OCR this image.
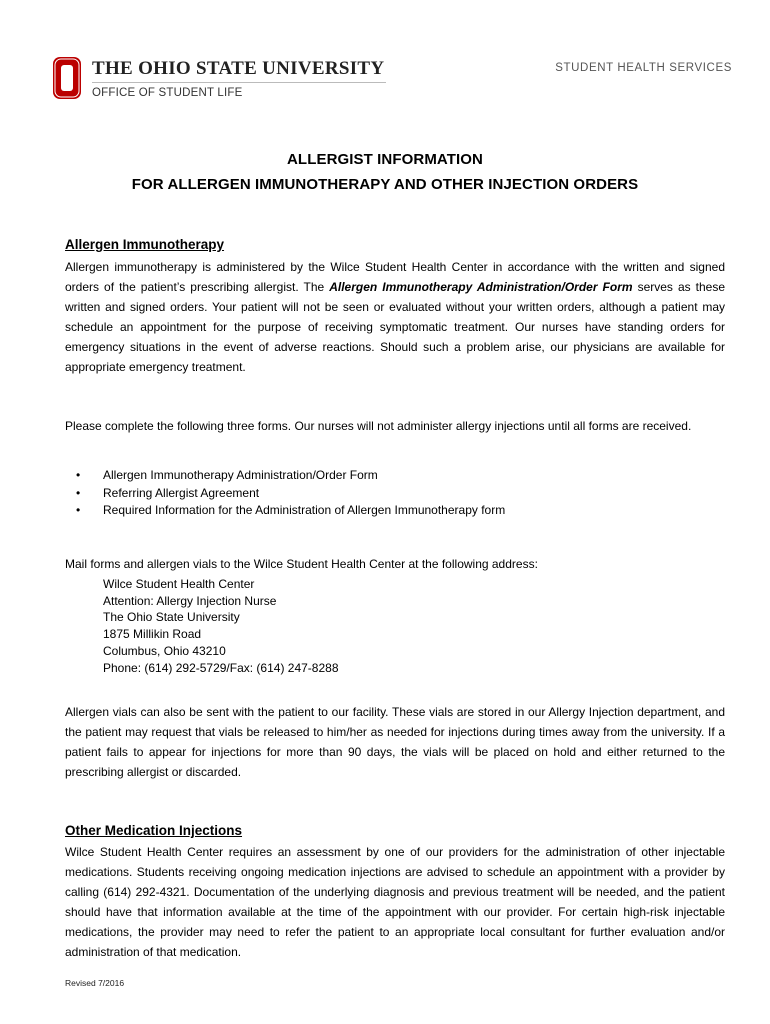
THE OHIO STATE UNIVERSITY
OFFICE OF STUDENT LIFE
STUDENT HEALTH SERVICES
ALLERGIST INFORMATION
FOR ALLERGEN IMMUNOTHERAPY AND OTHER INJECTION ORDERS
Allergen Immunotherapy
Allergen immunotherapy is administered by the Wilce Student Health Center in accordance with the written and signed orders of the patient’s prescribing allergist. The Allergen Immunotherapy Administration/Order Form serves as these written and signed orders. Your patient will not be seen or evaluated without your written orders, although a patient may schedule an appointment for the purpose of receiving symptomatic treatment. Our nurses have standing orders for emergency situations in the event of adverse reactions. Should such a problem arise, our physicians are available for appropriate emergency treatment.
Please complete the following three forms. Our nurses will not administer allergy injections until all forms are received.
• Allergen Immunotherapy Administration/Order Form
• Referring Allergist Agreement
• Required Information for the Administration of Allergen Immunotherapy form
Mail forms and allergen vials to the Wilce Student Health Center at the following address:
Wilce Student Health Center
Attention: Allergy Injection Nurse
The Ohio State University
1875 Millikin Road
Columbus, Ohio 43210
Phone: (614) 292-5729/Fax: (614) 247-8288
Allergen vials can also be sent with the patient to our facility. These vials are stored in our Allergy Injection department, and the patient may request that vials be released to him/her as needed for injections during times away from the university. If a patient fails to appear for injections for more than 90 days, the vials will be placed on hold and either returned to the prescribing allergist or discarded.
Other Medication Injections
Wilce Student Health Center requires an assessment by one of our providers for the administration of other injectable medications. Students receiving ongoing medication injections are advised to schedule an appointment with a provider by calling (614) 292-4321. Documentation of the underlying diagnosis and previous treatment will be needed, and the patient should have that information available at the time of the appointment with our provider. For certain high-risk injectable medications, the provider may need to refer the patient to an appropriate local consultant for further evaluation and/or administration of that medication.
Revised 7/2016
